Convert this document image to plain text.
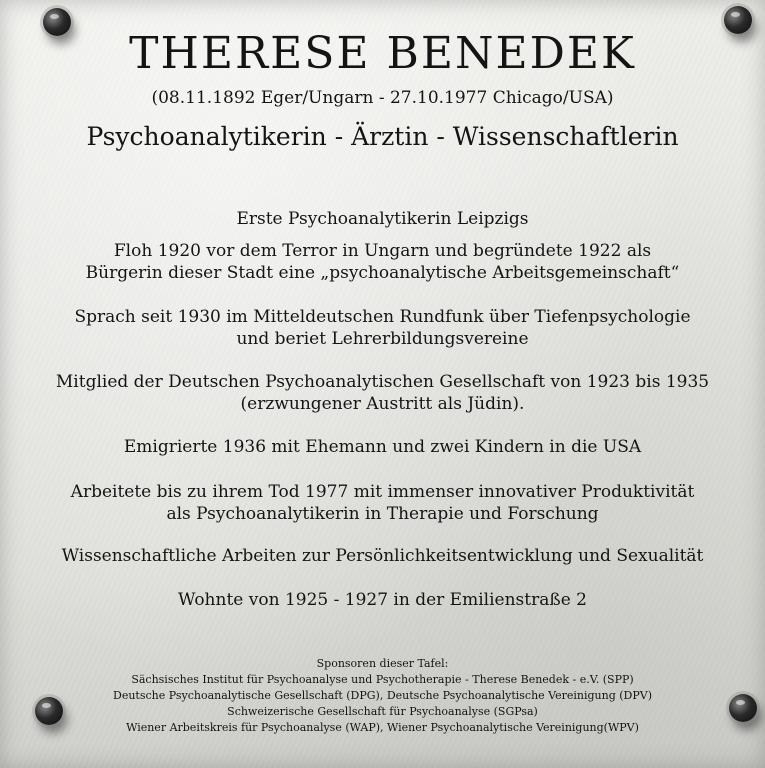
THERESE BENEDEK
(08.11.1892 Eger/Ungarn - 27.10.1977 Chicago/USA)
Psychoanalytikerin - Ärztin - Wissenschaftlerin
Erste Psychoanalytikerin Leipzigs
Floh 1920 vor dem Terror in Ungarn und begründete 1922 als
Bürgerin dieser Stadt eine „psychoanalytische Arbeitsgemeinschaft“
Sprach seit 1930 im Mitteldeutschen Rundfunk über Tiefenpsychologie
und beriet Lehrerbildungsvereine
Mitglied der Deutschen Psychoanalytischen Gesellschaft von 1923 bis 1935
(erzwungener Austritt als Jüdin).
Emigrierte 1936 mit Ehemann und zwei Kindern in die USA
Arbeitete bis zu ihrem Tod 1977 mit immenser innovativer Produktivität
als Psychoanalytikerin in Therapie und Forschung
Wissenschaftliche Arbeiten zur Persönlichkeitsentwicklung und Sexualität
Wohnte von 1925 - 1927 in der Emilienstraße 2
Sponsoren dieser Tafel:
Sächsisches Institut für Psychoanalyse und Psychotherapie - Therese Benedek - e.V. (SPP)
Deutsche Psychoanalytische Gesellschaft (DPG), Deutsche Psychoanalytische Vereinigung (DPV)
Schweizerische Gesellschaft für Psychoanalyse (SGPsa)
Wiener Arbeitskreis für Psychoanalyse (WAP), Wiener Psychoanalytische Vereinigung(WPV)
